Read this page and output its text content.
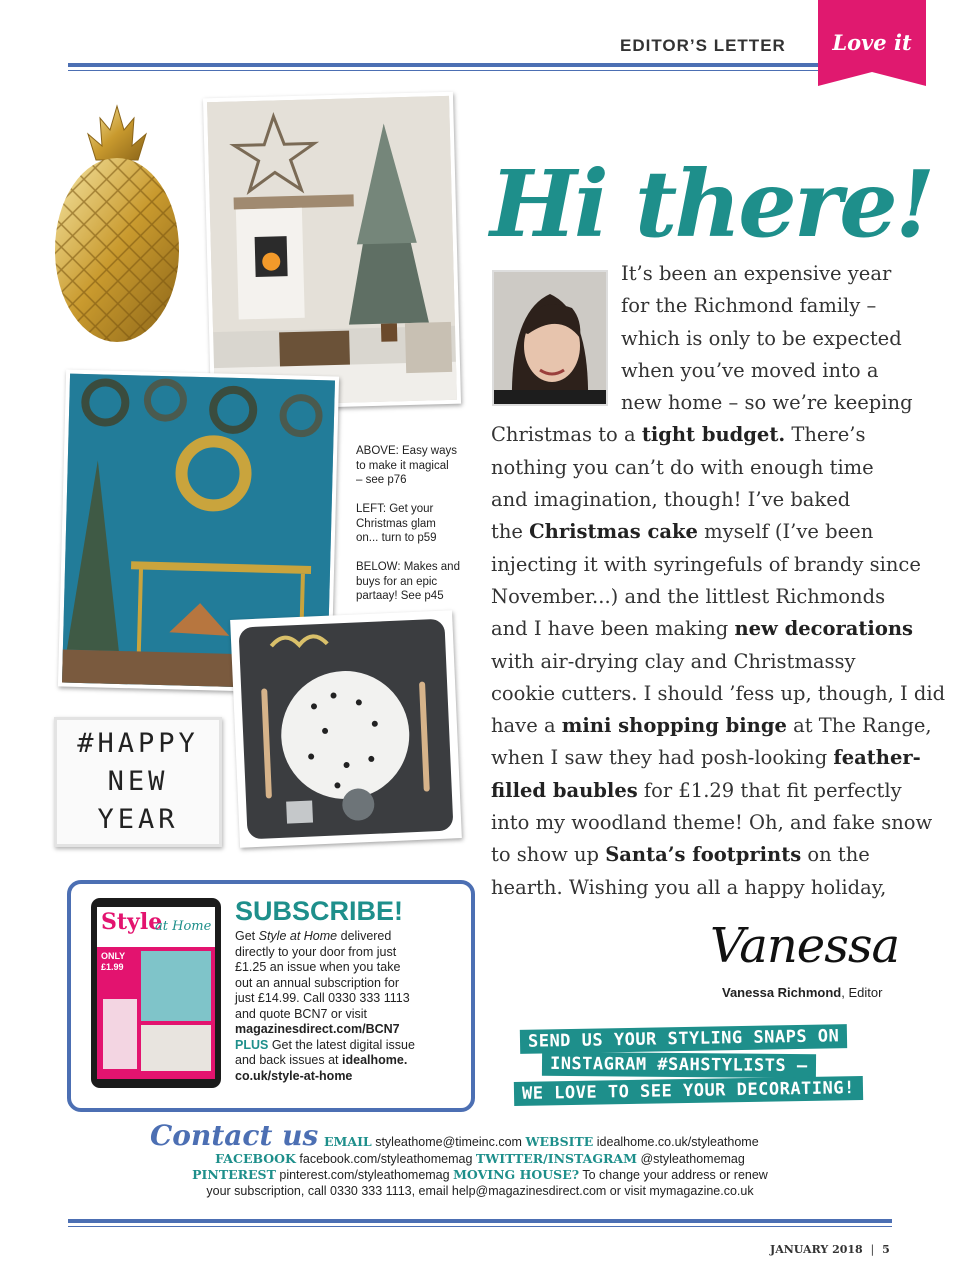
EDITOR’S LETTER	Love it
ABOVE: Easy ways
to make it magical
– see p76
LEFT: Get your
Christmas glam
on... turn to p59
BELOW: Makes and
buys for an epic
partaay! See p45
#HAPPY
NEW
YEAR
Hi there!
It’s been an expensive year
for the Richmond family –
which is only to be expected
when you’ve moved into a
new home – so we’re keeping
Christmas to a tight budget. There’s
nothing you can’t do with enough time
and imagination, though! I’ve baked
the Christmas cake myself (I’ve been
injecting it with syringefuls of brandy since
November...) and the littlest Richmonds
and I have been making new decorations
with air-drying clay and Christmassy
cookie cutters. I should ’fess up, though, I did
have a mini shopping binge at The Range,
when I saw they had posh-looking feather-
filled baubles for £1.29 that fit perfectly
into my woodland theme! Oh, and fake snow
to show up Santa’s footprints on the
hearth. Wishing you all a happy holiday,
Vanessa
Vanessa Richmond, Editor
SEND US YOUR STYLING SNAPS ON
INSTAGRAM #SAHSTYLISTS –
WE LOVE TO SEE YOUR DECORATING!
Style
at Home
ONLY £1.99
SUBSCRIBE!
Get Style at Home delivered
directly to your door from just
£1.25 an issue when you take
out an annual subscription for
just £14.99. Call 0330 333 1113
and quote BCN7 or visit
magazinesdirect.com/BCN7
PLUS Get the latest digital issue
and back issues at idealhome.
co.uk/style-at-home
Contact us EMAIL styleathome@timeinc.com WEBSITE idealhome.co.uk/styleathome
FACEBOOK facebook.com/styleathomemag TWITTER/INSTAGRAM @styleathomemag
PINTEREST pinterest.com/styleathomemag MOVING HOUSE? To change your address or renew
your subscription, call 0330 333 1113, email help@magazinesdirect.com or visit mymagazine.co.uk
JANUARY 2018 | 5
